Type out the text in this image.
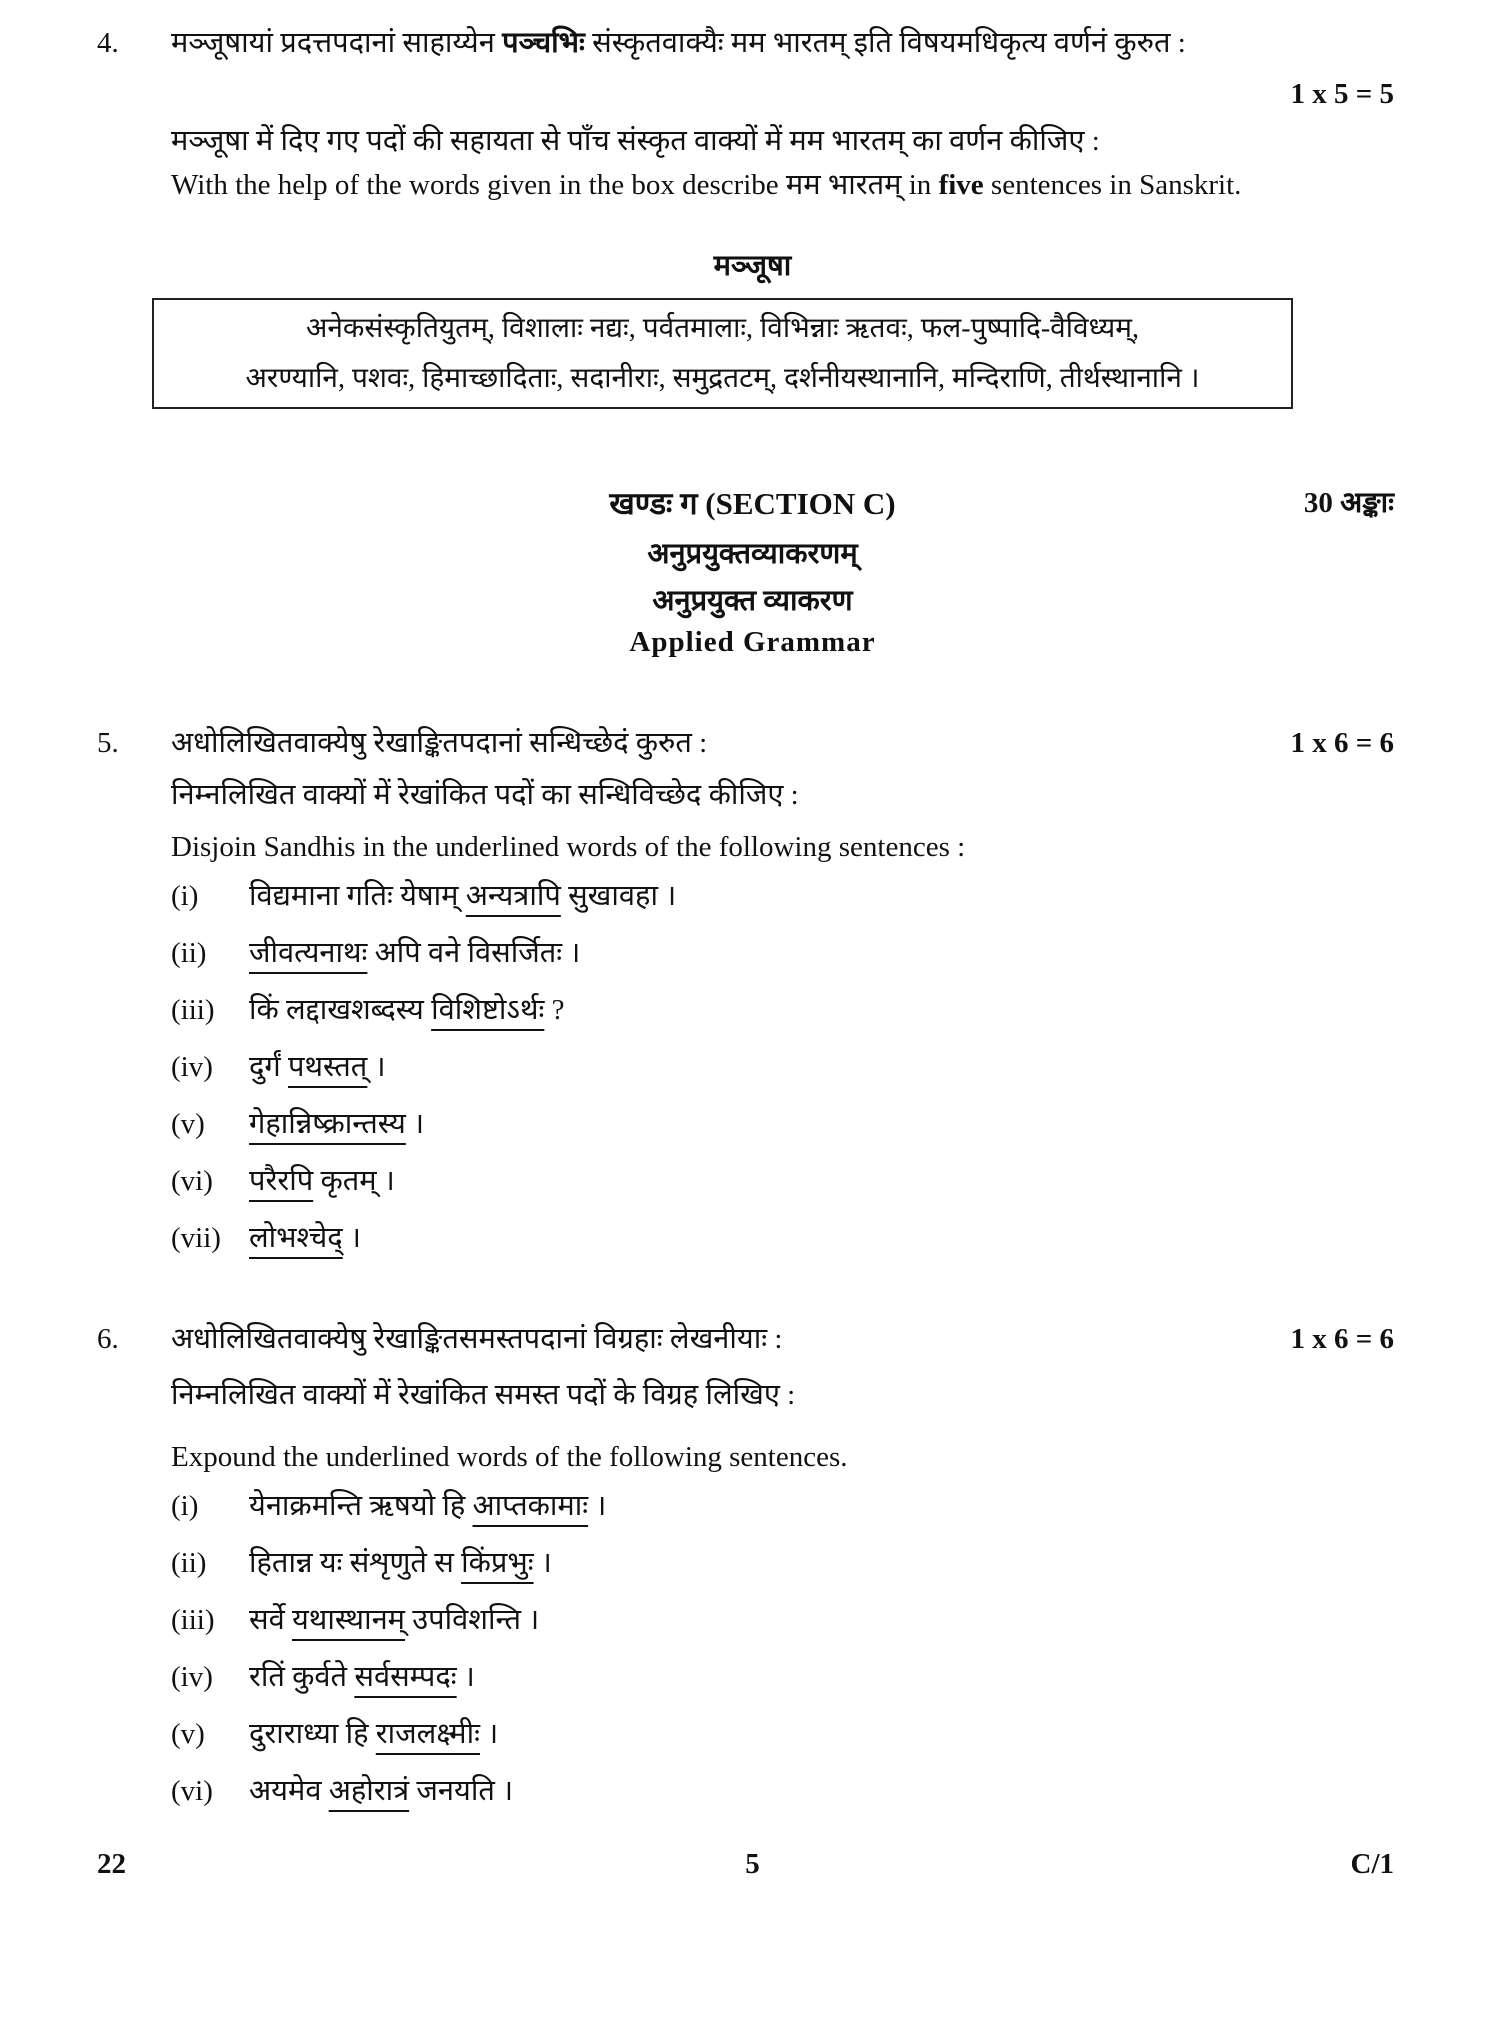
4. मञ्जूषायां प्रदत्तपदानां साहाय्येन पञ्चभिः संस्कृतवाक्यैः मम भारतम् इति विषयमधिकृत्य वर्णनं कुरुत :
1 x 5 = 5
मञ्जूषा में दिए गए पदों की सहायता से पाँच संस्कृत वाक्यों में मम भारतम् का वर्णन कीजिए :
With the help of the words given in the box describe मम भारतम् in five sentences in Sanskrit.
मञ्जूषा
अनेकसंस्कृतियुतम्, विशालाः नद्यः, पर्वतमालाः, विभिन्नाः ऋतवः, फल-पुष्पादि-वैविध्यम्,
अरण्यानि, पशवः, हिमाच्छादिताः, सदानीराः, समुद्रतटम्, दर्शनीयस्थानानि, मन्दिराणि, तीर्थस्थानानि ।
खण्डः ग (SECTION C)	30 अङ्काः
अनुप्रयुक्तव्याकरणम्
अनुप्रयुक्त व्याकरण
Applied Grammar
5. अधोलिखितवाक्येषु रेखाङ्कितपदानां सन्धिच्छेदं कुरुत :	1 x 6 = 6
निम्नलिखित वाक्यों में रेखांकित पदों का सन्धिविच्छेद कीजिए :
Disjoin Sandhis in the underlined words of the following sentences :
(i) विद्यमाना गतिः येषाम् अन्यत्रापि सुखावहा ।
(ii) जीवत्यनाथः अपि वने विसर्जितः ।
(iii) किं लद्दाखशब्दस्य विशिष्टोऽर्थः ?
(iv) दुर्गं पथस्तत् ।
(v) गेहान्निष्क्रान्तस्य ।
(vi) परैरपि कृतम् ।
(vii) लोभश्चेद् ।
6. अधोलिखितवाक्येषु रेखाङ्कितसमस्तपदानां विग्रहाः लेखनीयाः :	1 x 6 = 6
निम्नलिखित वाक्यों में रेखांकित समस्त पदों के विग्रह लिखिए :
Expound the underlined words of the following sentences.
(i) येनाक्रमन्ति ऋषयो हि आप्तकामाः ।
(ii) हितान्न यः संशृणुते स किंप्रभुः ।
(iii) सर्वे यथास्थानम् उपविशन्ति ।
(iv) रतिं कुर्वते सर्वसम्पदः ।
(v) दुराराध्या हि राजलक्ष्मीः ।
(vi) अयमेव अहोरात्रं जनयति ।
22	5	C/1
